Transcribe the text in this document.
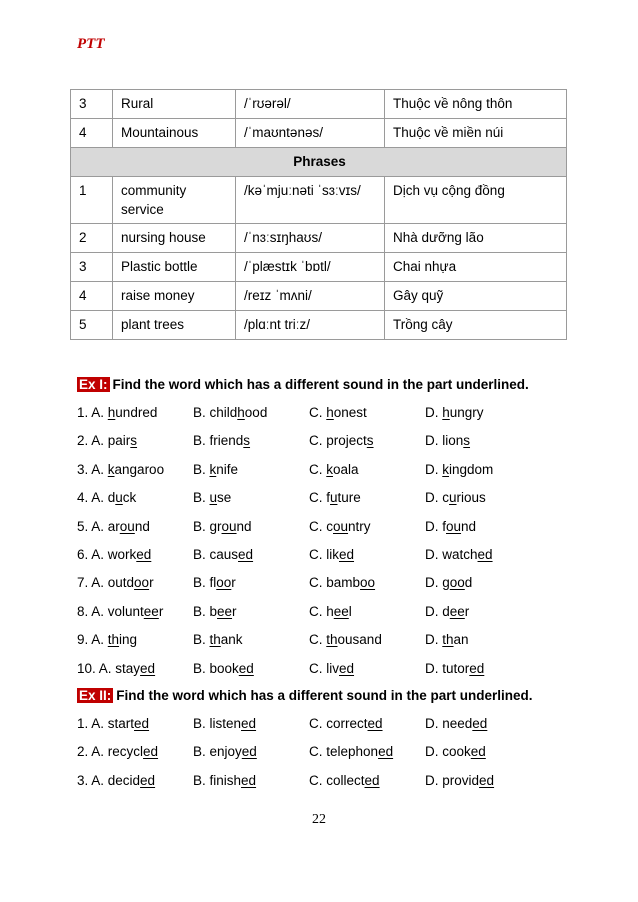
PTT
3	Rural	/ˈrʊərəl/	Thuộc về nông thôn
4	Mountainous	/ˈmaʊntənəs/	Thuộc về miền núi
Phrases			
1	community service	/kəˈmjuːnəti ˈsɜːvɪs/	Dịch vụ cộng đồng
2	nursing house	/ˈnɜːsɪŋhaʊs/	Nhà dưỡng lão
3	Plastic bottle	/ˈplæstɪk ˈbɒtl/	Chai nhựa
4	raise money	/reɪz ˈmʌni/	Gây quỹ
5	plant trees	/plɑːnt triːz/	Trồng cây
Ex I: Find the word which has a different sound in the part underlined.
1. A. hundred	B. childhood	C. honest	D. hungry
2. A. pairs	B. friends	C. projects	D. lions
3. A. kangaroo B. knife	C. koala	D. kingdom
4. A. duck	B. use	C. future	D. curious
5. A. around	B. ground	C. country	D. found
6. A. worked	B. caused	C. liked	D. watched
7. A. outdoor	B. floor	C. bamboo	D. good
8. A. volunteer B. beer	C. heel	D. deer
9. A. thing	B. thank	C. thousand	D. than
10. A. stayed	B. booked	C. lived	D. tutored
Ex II: Find the word which has a different sound in the part underlined.
1. A. started	B. listened	C. corrected	D. needed
2. A. recycled	B. enjoyed	C. telephoned D. cooked
3. A. decided	B. finished	C. collected	D. provided
22
